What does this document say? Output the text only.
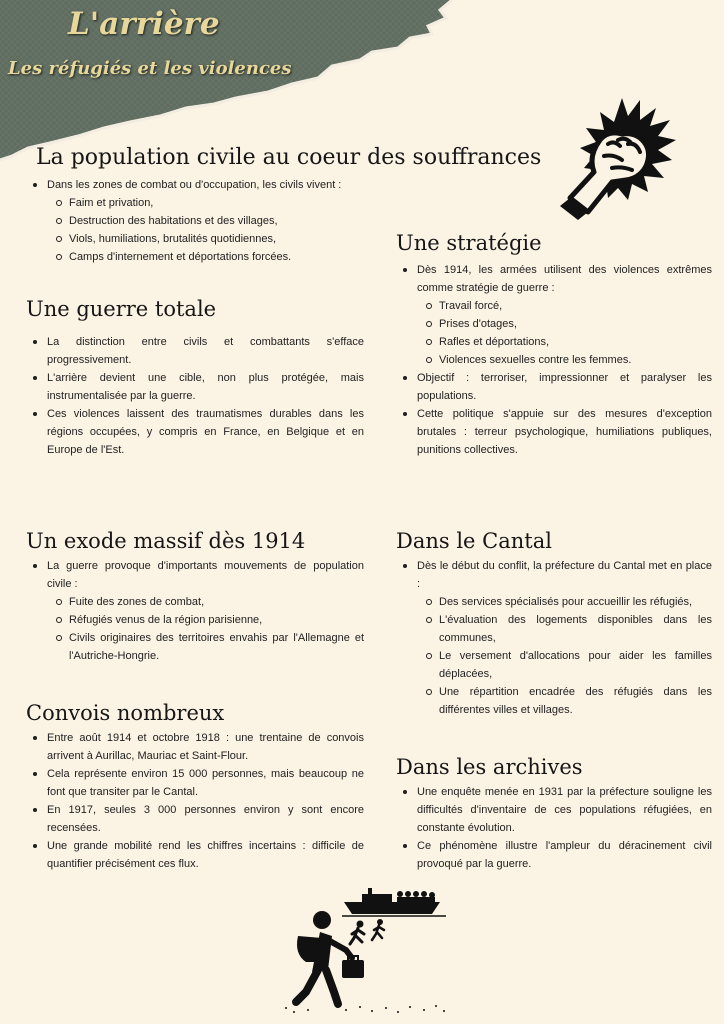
L'arrière
Les réfugiés et les violences
La population civile au coeur des souffrances
Dans les zones de combat ou d'occupation, les civils vivent :
Faim et privation,
Destruction des habitations et des villages,
Viols, humiliations, brutalités quotidiennes,
Camps d'internement et déportations forcées.
Une guerre totale
La distinction entre civils et combattants s'efface progressivement.
L'arrière devient une cible, non plus protégée, mais instrumentalisée par la guerre.
Ces violences laissent des traumatismes durables dans les régions occupées, y compris en France, en Belgique et en Europe de l'Est.
Une stratégie
Dès 1914, les armées utilisent des violences extrêmes comme stratégie de guerre :
Travail forcé,
Prises d'otages,
Rafles et déportations,
Violences sexuelles contre les femmes.
Objectif : terroriser, impressionner et paralyser les populations.
Cette politique s'appuie sur des mesures d'exception brutales : terreur psychologique, humiliations publiques, punitions collectives.
Un exode massif dès 1914
La guerre provoque d'importants mouvements de population civile :
Fuite des zones de combat,
Réfugiés venus de la région parisienne,
Civils originaires des territoires envahis par l'Allemagne et l'Autriche-Hongrie.
Dans le Cantal
Dès le début du conflit, la préfecture du Cantal met en place :
Des services spécialisés pour accueillir les réfugiés,
L'évaluation des logements disponibles dans les communes,
Le versement d'allocations pour aider les familles déplacées,
Une répartition encadrée des réfugiés dans les différentes villes et villages.
Convois nombreux
Entre août 1914 et octobre 1918 : une trentaine de convois arrivent à Aurillac, Mauriac et Saint-Flour.
Cela représente environ 15 000 personnes, mais beaucoup ne font que transiter par le Cantal.
En 1917, seules 3 000 personnes environ y sont encore recensées.
Une grande mobilité rend les chiffres incertains : difficile de quantifier précisément ces flux.
Dans les archives
Une enquête menée en 1931 par la préfecture souligne les difficultés d'inventaire de ces populations réfugiées, en constante évolution.
Ce phénomène illustre l'ampleur du déracinement civil provoqué par la guerre.
